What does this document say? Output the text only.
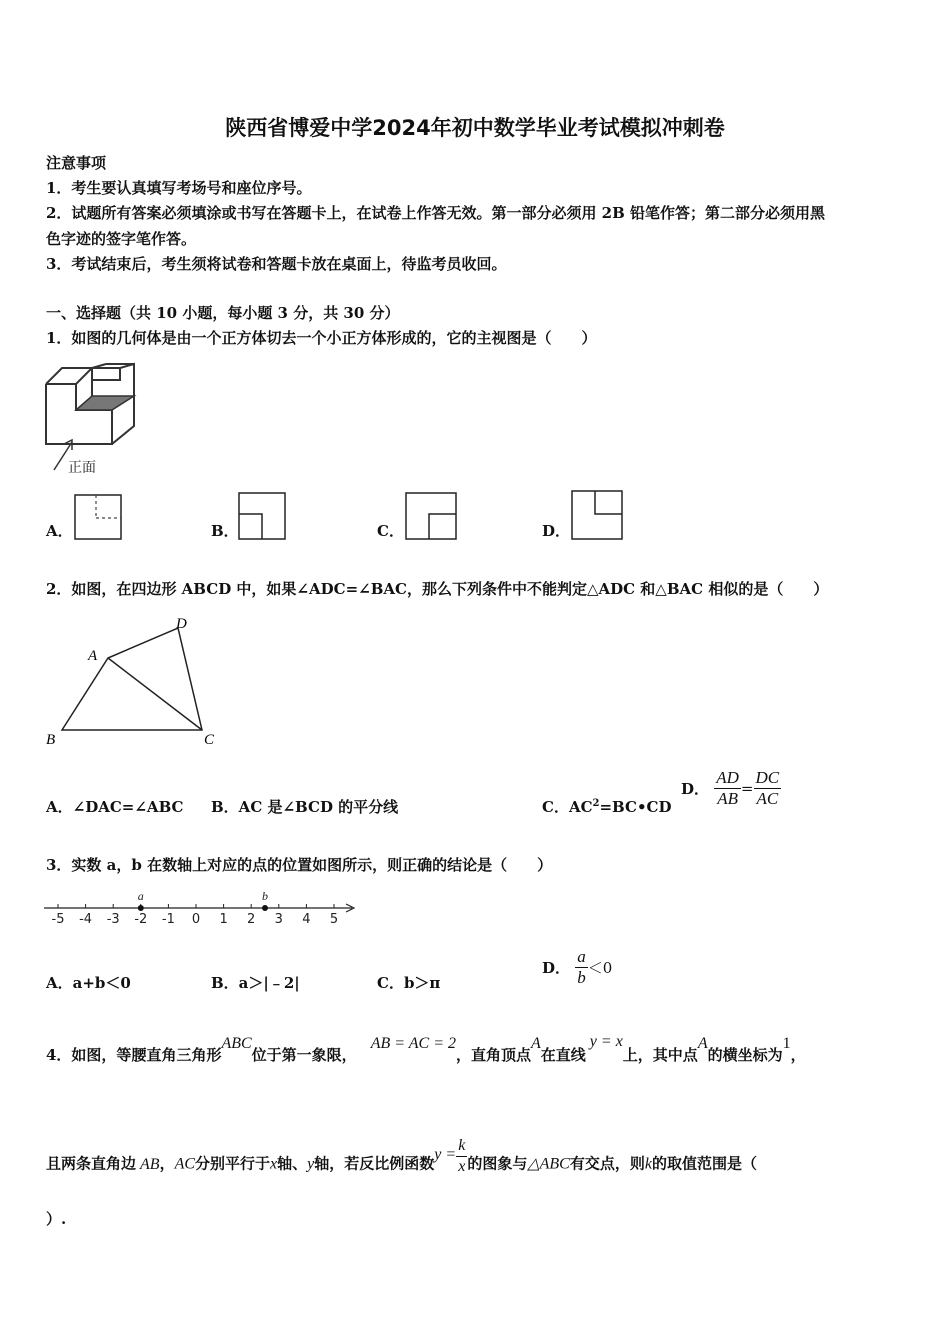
陕西省博爱中学2024年初中数学毕业考试模拟冲刺卷
注意事项
1．考生要认真填写考场号和座位序号。
2．试题所有答案必须填涂或书写在答题卡上，在试卷上作答无效。第一部分必须用 2B 铅笔作答；第二部分必须用黑
色字迹的签字笔作答。
3．考试结束后，考生须将试卷和答题卡放在桌面上，待监考员收回。
一、选择题（共 10 小题，每小题 3 分，共 30 分）
1．如图的几何体是由一个正方体切去一个小正方体形成的，它的主视图是（　　）
正面
A．	B．	C．	D．
2．如图，在四边形 ABCD 中，如果∠ADC=∠BAC，那么下列条件中不能判定△ADC 和△BAC 相似的是（　　）
A
B	C
D
A．∠DAC=∠ABC B．AC 是∠BCD 的平分线	C．$AC^2=BC•CD$
D． $\frac{AD}{AB} = \frac{DC}{AC}$
3．实数 a，b 在数轴上对应的点的位置如图所示，则正确的结论是（　　）
-5 -4 -3 -2 -1 0 1 2 3 4 5
a	b
A．a+b＜0	B．a＞|﹣2|	C．b＞π
D． $\frac{a}{b} <0$
4．如图，等腰直角三角形ABC位于第一象限，AB = AC = 2，直角顶点A在直线y = x上，其中点A的横坐标为1，
且两条直角边 AB，AC分别平行于x轴、y轴，若反比例函数$y = \frac{k}{x}$ 的图象与△ABC有交点，则k的取值范围是（
）.
